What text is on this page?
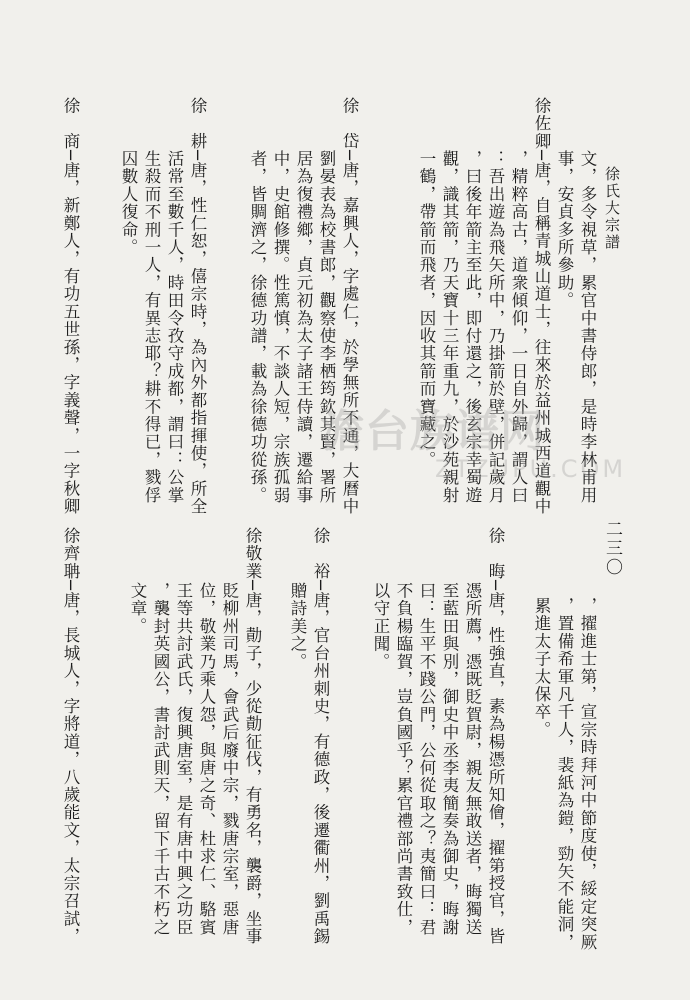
徐氏大宗譜
二三〇
文，多令視草，累官中書侍郎，是時李林甫用
事，安貞多所參助。
徐佐卿─唐，自稱青城山道士，往來於益州城西道觀中
，精粹高古，道衆傾仰，一日自外歸，謂人曰
：吾出遊為飛矢所中，乃掛箭於壁，併記歲月
，曰後年箭主至此，即付還之，後玄宗幸蜀遊
觀，識其箭，乃天寶十三年重九，於沙苑親射
一鶴，帶箭而飛者，因收其箭而寶藏之。
徐　岱─唐，嘉興人，字處仁，於學無所不通，大曆中
劉晏表為校書郎，觀察使李栖筠欽其賢，署所
居為復禮鄉，貞元初為太子諸王侍讀，遷給事
中，史館修撰。性篤慎，不談人短，宗族孤弱
者，皆賙濟之，徐德功譜，載為徐德功從孫。
徐　耕─唐，性仁恕，僖宗時，為內外都指揮使，所全
活常至數千人，時田令孜守成都，謂曰：公掌
生殺而不刑一人，有異志耶？耕不得已，戮俘
囚數人復命。
徐　商─唐，新鄭人，有功五世孫，字義聲，一字秋卿
，擢進士第，宣宗時拜河中節度使，綏定突厥
，置備希軍凡千人，裴紙為鎧，勁矢不能洞，
累進太子太保卒。
徐　晦─唐，性強直，素為楊憑所知儈，擢第授官，皆
憑所薦，憑既貶賀尉，親友無敢送者，晦獨送
至藍田與別，御史中丞李夷簡奏為御史，晦謝
曰：生平不踐公門，公何從取之？夷簡曰：君
不負楊臨賀，豈負國乎？累官禮部尚書致仕，
以守正聞。
徐　裕─唐，官台州刺史，有德政，後遷衢州，劉禹錫
贈詩美之。
徐敬業─唐，勣子，少從勣征伐，有勇名，襲爵，坐事
貶柳州司馬，會武后廢中宗，戮唐宗室，惡唐
位，敬業乃乘人怨，與唐之奇、杜求仁、駱賓
王等共討武氏，復興唐室，是有唐中興之功臣
，襲封英國公，書討武則天，留下千古不朽之
文章。
徐齊聃─唐，長城人，字將道，八歲能文，太宗召試，
澹台族谱网
ZTZUPU.COM
